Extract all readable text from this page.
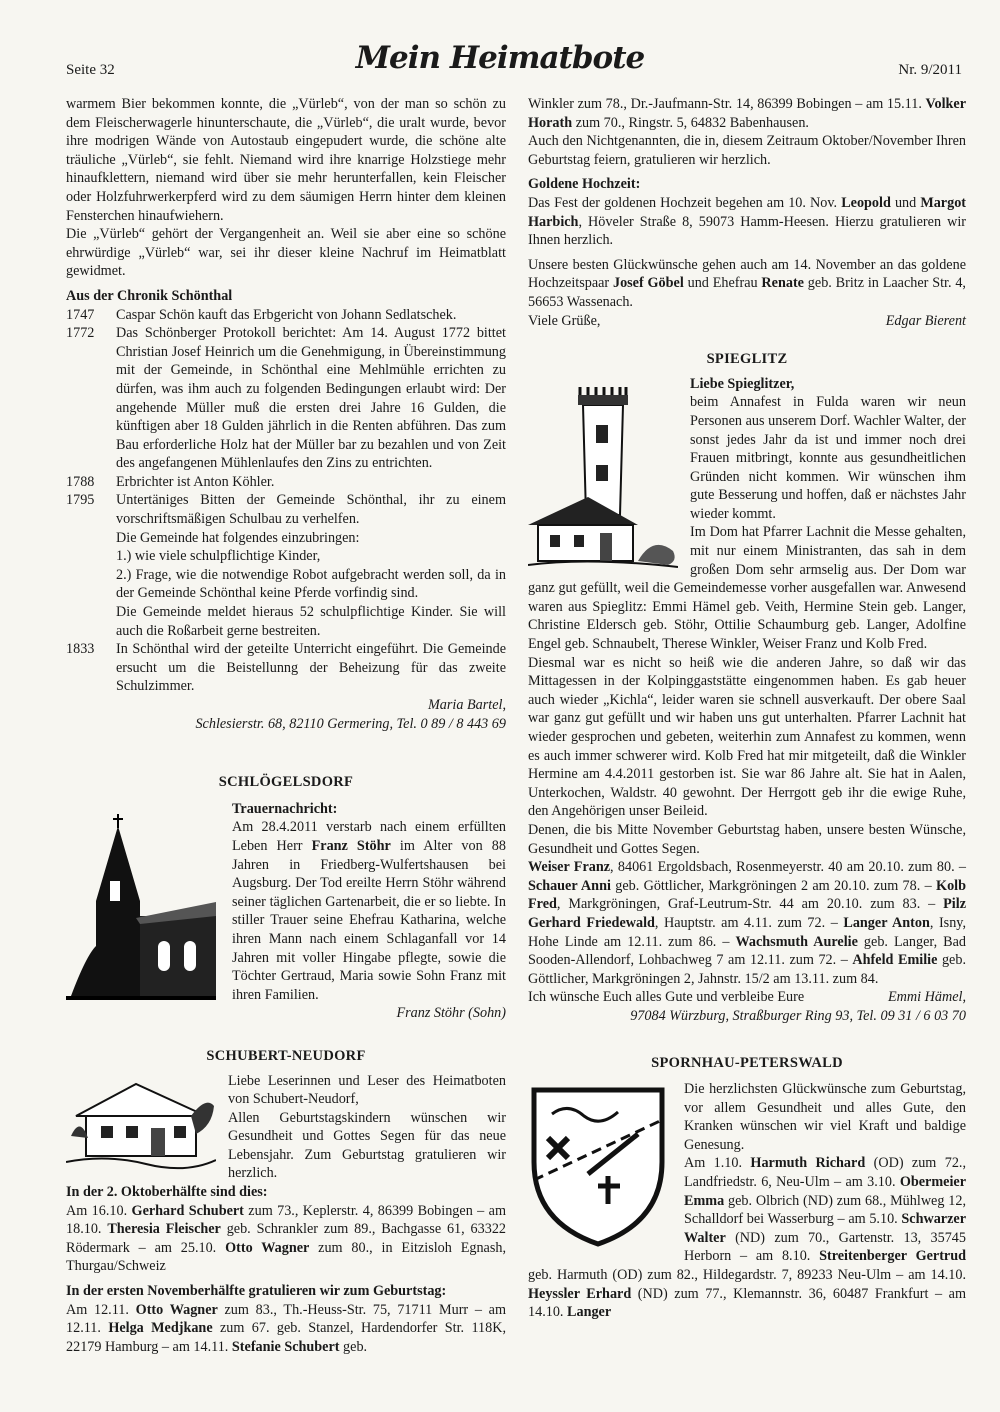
Seite 32	Mein Heimatbote	Nr. 9/2011

warmem Bier bekommen konnte, die „Vürleb“, von der man so schön zu dem Fleischerwagerle hinunterschaute, die „Vürleb“, die uralt wurde, bevor ihre modrigen Wände von Autostaub eingepudert wurde, die schöne alte träuliche „Vürleb“, sie fehlt. Niemand wird ihre knarrige Holzstiege mehr hinaufklettern, niemand wird über sie mehr herunterfallen, kein Fleischer oder Holzfuhrwerkerpferd wird zu dem säumigen Herrn hinter dem kleinen Fensterchen hinaufwiehern.

Die „Vürleb“ gehört der Vergangenheit an. Weil sie aber eine so schöne ehrwürdige „Vürleb“ war, sei ihr dieser kleine Nachruf im Heimatblatt gewidmet.

Aus der Chronik Schönthal

1747	Caspar Schön kauft das Erbgericht von Johann Sedlatschek.
1772	Das Schönberger Protokoll berichtet: Am 14. August 1772 bittet Christian Josef Heinrich um die Genehmigung, in Übereinstimmung mit der Gemeinde, in Schönthal eine Mehlmühle errichten zu dürfen, was ihm auch zu folgenden Bedingungen erlaubt wird: Der angehende Müller muß die ersten drei Jahre 16 Gulden, die künftigen aber 18 Gulden jährlich in die Renten abführen. Das zum Bau erforderliche Holz hat der Müller bar zu bezahlen und von Zeit des angefangenen Mühlenlaufes den Zins zu entrichten.
1788	Erbrichter ist Anton Köhler.
1795	Untertäniges Bitten der Gemeinde Schönthal, ihr zu einem vorschriftsmäßigen Schulbau zu verhelfen.
Die Gemeinde hat folgendes einzubringen:
1.) wie viele schulpflichtige Kinder,
2.) Frage, wie die notwendige Robot aufgebracht werden soll, da in der Gemeinde Schönthal keine Pferde vorfindig sind.
Die Gemeinde meldet hieraus 52 schulpflichtige Kinder. Sie will auch die Roßarbeit gerne bestreiten.
1833	In Schönthal wird der geteilte Unterricht eingeführt. Die Gemeinde ersucht um die Beistellunng der Beheizung für das zweite Schulzimmer.

Maria Bartel,

Schlesierstr. 68, 82110 Germering, Tel. 0 89 / 8 443 69

SCHLÖGELSDORF

Trauernachricht:

Am 28.4.2011 verstarb nach einem erfüllten Leben Herr Franz Stöhr im Alter von 88 Jahren in Friedberg-Wulfertshausen bei Augsburg. Der Tod ereilte Herrn Stöhr während seiner täglichen Gartenarbeit, die er so liebte. In stiller Trauer seine Ehefrau Katharina, welche ihren Mann nach einem Schlaganfall vor 14 Jahren mit voller Hingabe pflegte, sowie die Töchter Gertraud, Maria sowie Sohn Franz mit ihren Familien.

Franz Stöhr (Sohn)

SCHUBERT-NEUDORF

Liebe Leserinnen und Leser des Heimatboten von Schubert-Neudorf,
Allen Geburtstagskindern wünschen wir Gesundheit und Gottes Segen für das neue Lebensjahr. Zum Geburtstag gratulieren wir herzlich.

In der 2. Oktoberhälfte sind dies:

Am 16.10. Gerhard Schubert zum 73., Keplerstr. 4, 86399 Bobingen – am 18.10. Theresia Fleischer geb. Schrankler zum 89., Bachgasse 61, 63322 Rödermark – am 25.10. Otto Wagner zum 80., in Eitzisloh Egnash, Thurgau/Schweiz

In der ersten Novemberhälfte gratulieren wir zum Geburtstag:

Am 12.11. Otto Wagner zum 83., Th.-Heuss-Str. 75, 71711 Murr – am 12.11. Helga Medjkane zum 67. geb. Stanzel, Hardendorfer Str. 118K, 22179 Hamburg – am 14.11. Stefanie Schubert geb.

Winkler zum 78., Dr.-Jaufmann-Str. 14, 86399 Bobingen – am 15.11. Volker Horath zum 70., Ringstr. 5, 64832 Babenhausen.

Auch den Nichtgenannten, die in, diesem Zeitraum Oktober/November Ihren Geburtstag feiern, gratulieren wir herzlich.

Goldene Hochzeit:

Das Fest der goldenen Hochzeit begehen am 10. Nov. Leopold und Margot Harbich, Höveler Straße 8, 59073 Hamm-Heesen. Hierzu gratulieren wir Ihnen herzlich.

Unsere besten Glückwünsche gehen auch am 14. November an das goldene Hochzeitspaar Josef Göbel und Ehefrau Renate geb. Britz in Laacher Str. 4, 56653 Wassenach.

Viele Grüße,	Edgar Bierent

SPIEGLITZ

Liebe Spieglitzer,

beim Annafest in Fulda waren wir neun Personen aus unserem Dorf. Wachler Walter, der sonst jedes Jahr da ist und immer noch drei Frauen mitbringt, konnte aus gesundheitlichen Gründen nicht kommen. Wir wünschen ihm gute Besserung und hoffen, daß er nächstes Jahr wieder kommt.

Im Dom hat Pfarrer Lachnit die Messe gehalten, mit nur einem Ministranten, das sah in dem großen Dom sehr armselig aus. Der Dom war ganz gut gefüllt, weil die Gemeindemesse vorher ausgefallen war. Anwesend waren aus Spieglitz: Emmi Hämel geb. Veith, Hermine Stein geb. Langer, Christine Eldersch geb. Stöhr, Ottilie Schaumburg geb. Langer, Adolfine Engel geb. Schnaubelt, Therese Winkler, Weiser Franz und Kolb Fred.

Diesmal war es nicht so heiß wie die anderen Jahre, so daß wir das Mittagessen in der Kolpinggaststätte eingenommen haben. Es gab heuer auch wieder „Kichla“, leider waren sie schnell ausverkauft. Der obere Saal war ganz gut gefüllt und wir haben uns gut unterhalten. Pfarrer Lachnit hat wieder gesprochen und gebeten, weiterhin zum Annafest zu kommen, wenn es auch immer schwerer wird. Kolb Fred hat mir mitgeteilt, daß die Winkler Hermine am 4.4.2011 gestorben ist. Sie war 86 Jahre alt. Sie hat in Aalen, Unterkochen, Waldstr. 40 gewohnt. Der Herrgott geb ihr die ewige Ruhe, den Angehörigen unser Beileid.

Denen, die bis Mitte November Geburtstag haben, unsere besten Wünsche, Gesundheit und Gottes Segen.

Weiser Franz, 84061 Ergoldsbach, Rosenmeyerstr. 40 am 20.10. zum 80. – Schauer Anni geb. Göttlicher, Markgröningen 2 am 20.10. zum 78. – Kolb Fred, Markgröningen, Graf-Leutrum-Str. 44 am 20.10. zum 83. – Pilz Gerhard Friedewald, Hauptstr. am 4.11. zum 72. – Langer Anton, Isny, Hohe Linde am 12.11. zum 86. – Wachsmuth Aurelie geb. Langer, Bad Sooden-Allendorf, Lohbachweg 7 am 12.11. zum 72. – Ahfeld Emilie geb. Göttlicher, Markgröningen 2, Jahnstr. 15/2 am 13.11. zum 84.

Ich wünsche Euch alles Gute und verbleibe Eure	Emmi Hämel,

97084 Würzburg, Straßburger Ring 93, Tel. 09 31 / 6 03 70

SPORNHAU-PETERSWALD

Die herzlichsten Glückwünsche zum Geburtstag, vor allem Gesundheit und alles Gute, den Kranken wünschen wir viel Kraft und baldige Genesung.
Am 1.10. Harmuth Richard (OD) zum 72., Landfriedstr. 6, Neu-Ulm – am 3.10. Obermeier Emma geb. Olbrich (ND) zum 68., Mühlweg 12, Schalldorf bei Wasserburg – am 5.10. Schwarzer Walter (ND) zum 70., Gartenstr. 13, 35745 Herborn – am 8.10. Streitenberger Gertrud geb. Harmuth (OD) zum 82., Hildegardstr. 7, 89233 Neu-Ulm – am 14.10. Heyssler Erhard (ND) zum 77., Klemannstr. 36, 60487 Frankfurt – am 14.10. Langer
